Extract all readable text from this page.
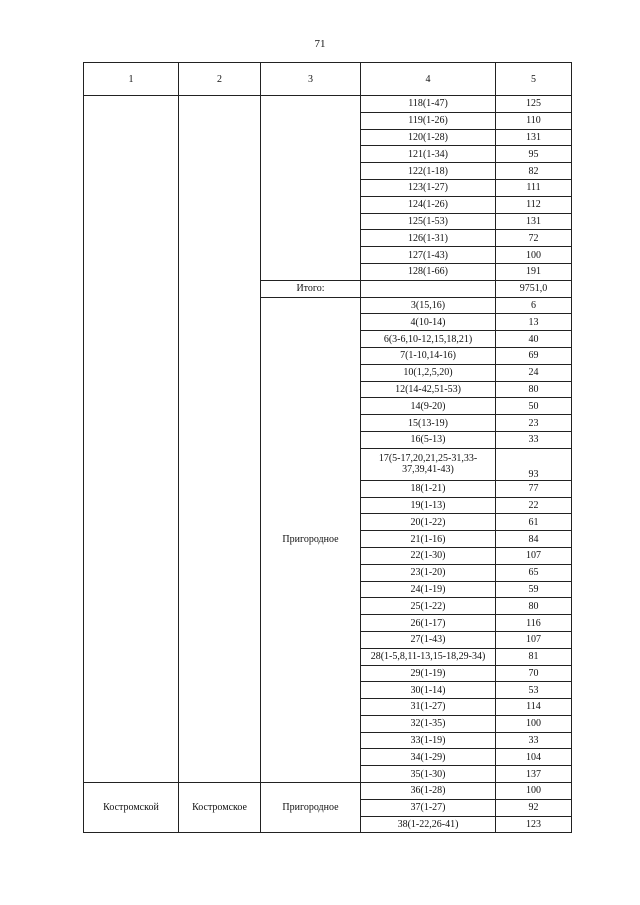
71
1	2	3	4	5
			118(1-47)	125
			119(1-26)	110
			120(1-28)	131
			121(1-34)	95
			122(1-18)	82
			123(1-27)	111
			124(1-26)	112
			125(1-53)	131
			126(1-31)	72
			127(1-43)	100
			128(1-66)	191
		Итого:		9751,0
		Пригородное	3(15,16)	6
			4(10-14)	13
			6(3-6,10-12,15,18,21)	40
			7(1-10,14-16)	69
			10(1,2,5,20)	24
			12(14-42,51-53)	80
			14(9-20)	50
			15(13-19)	23
			16(5-13)	33
			17(5-17,20,21,25-31,33-37,39,41-43)	93
			18(1-21)	77
			19(1-13)	22
			20(1-22)	61
			21(1-16)	84
			22(1-30)	107
			23(1-20)	65
			24(1-19)	59
			25(1-22)	80
			26(1-17)	116
			27(1-43)	107
			28(1-5,8,11-13,15-18,29-34)	81
			29(1-19)	70
			30(1-14)	53
			31(1-27)	114
			32(1-35)	100
			33(1-19)	33
			34(1-29)	104
			35(1-30)	137
Костромской	Костромское	Пригородное	36(1-28)	100
			37(1-27)	92
			38(1-22,26-41)	123
